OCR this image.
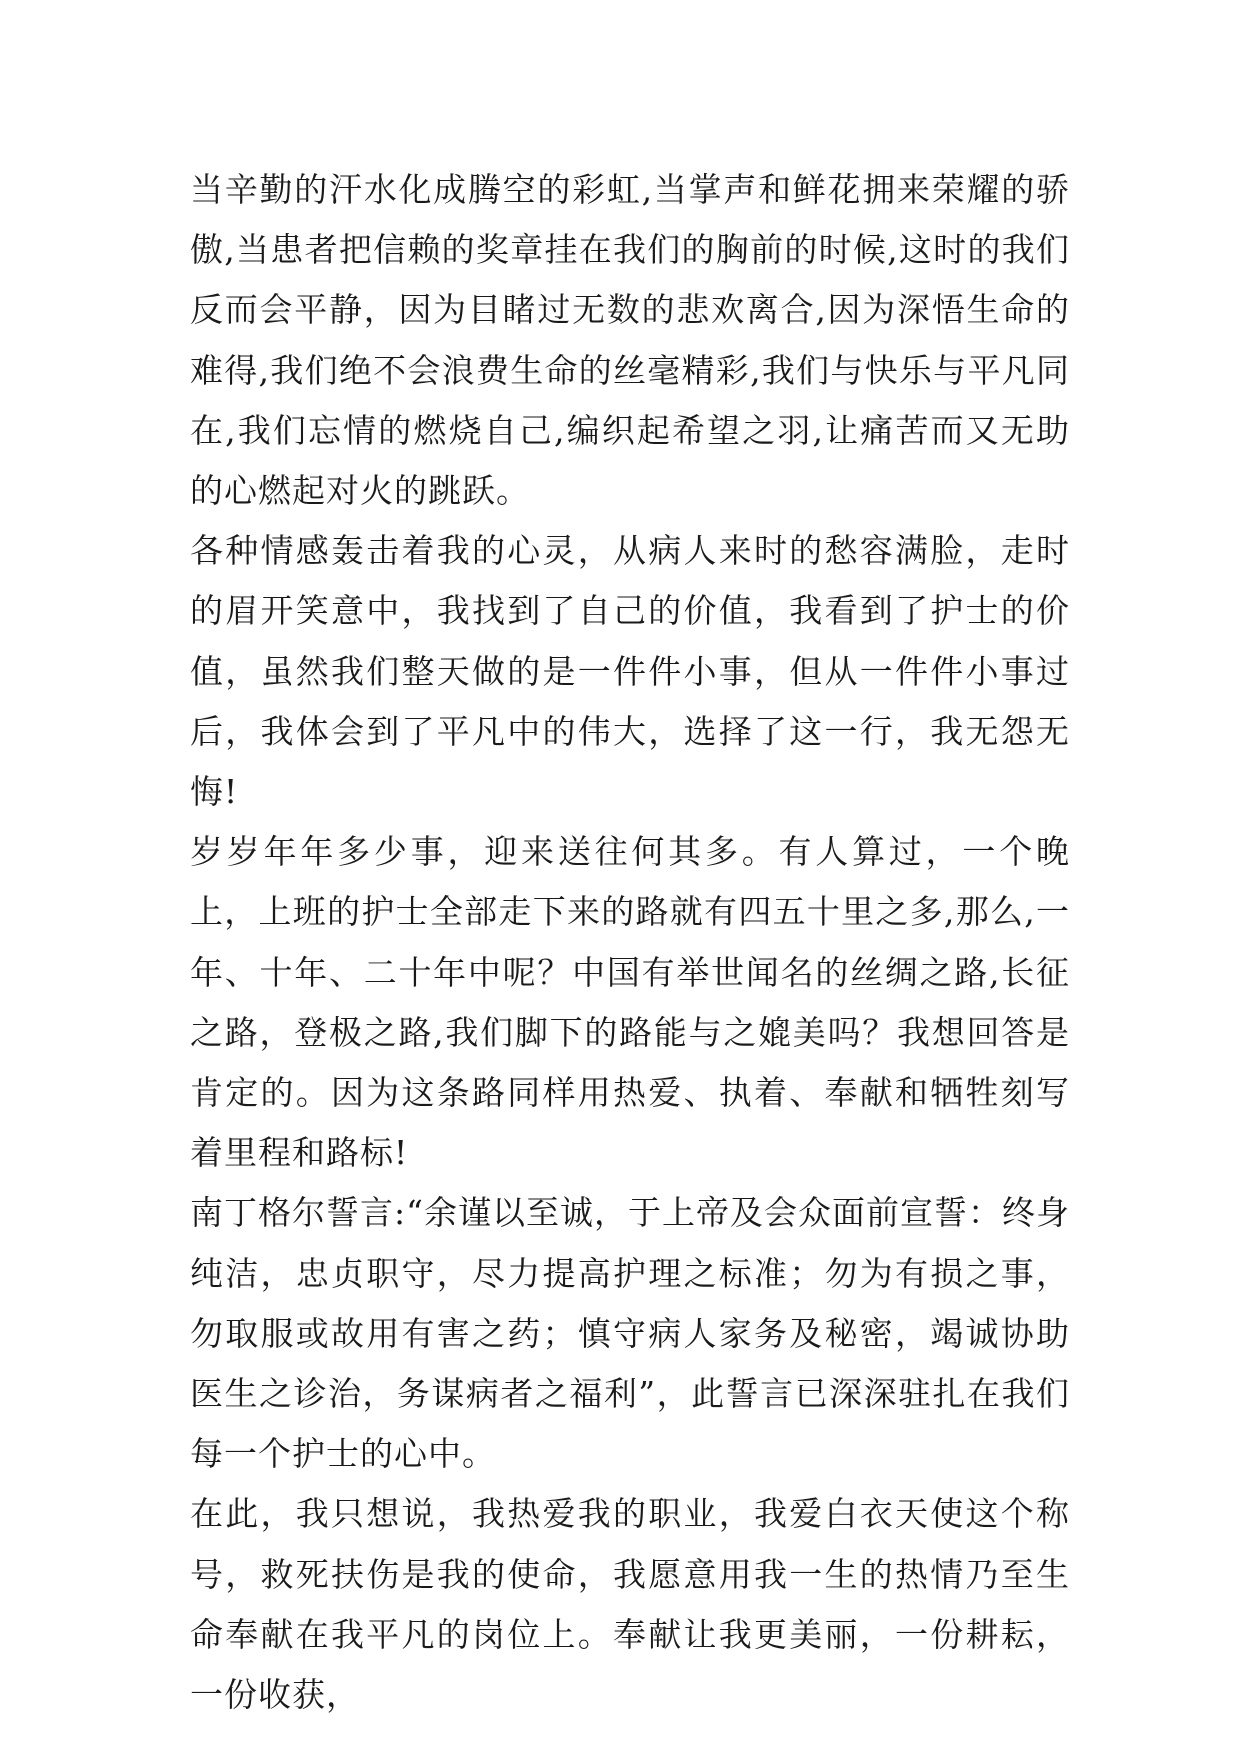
当辛勤的汗水化成腾空的彩虹,当掌声和鲜花拥来荣耀的骄傲,当患者把信赖的奖章挂在我们的胸前的时候,这时的我们反而会平静，因为目睹过无数的悲欢离合,因为深悟生命的难得,我们绝不会浪费生命的丝毫精彩,我们与快乐与平凡同在,我们忘情的燃烧自己,编织起希望之羽,让痛苦而又无助的心燃起对火的跳跃。

各种情感轰击着我的心灵，从病人来时的愁容满脸，走时的眉开笑意中，我找到了自己的价值，我看到了护士的价值，虽然我们整天做的是一件件小事，但从一件件小事过后，我体会到了平凡中的伟大，选择了这一行，我无怨无悔!

岁岁年年多少事，迎来送往何其多。有人算过，一个晚上，上班的护士全部走下来的路就有四五十里之多,那么,一年、十年、二十年中呢？中国有举世闻名的丝绸之路,长征之路，登极之路,我们脚下的路能与之媲美吗？我想回答是肯定的。因为这条路同样用热爱、执着、奉献和牺牲刻写着里程和路标!

南丁格尔誓言:“余谨以至诚，于上帝及会众面前宣誓：终身纯洁，忠贞职守，尽力提高护理之标准；勿为有损之事，勿取服或故用有害之药；慎守病人家务及秘密，竭诚协助医生之诊治，务谋病者之福利”，此誓言已深深驻扎在我们每一个护士的心中。

在此，我只想说，我热爱我的职业，我爱白衣天使这个称号，救死扶伤是我的使命，我愿意用我一生的热情乃至生命奉献在我平凡的岗位上。奉献让我更美丽，一份耕耘，一份收获，
